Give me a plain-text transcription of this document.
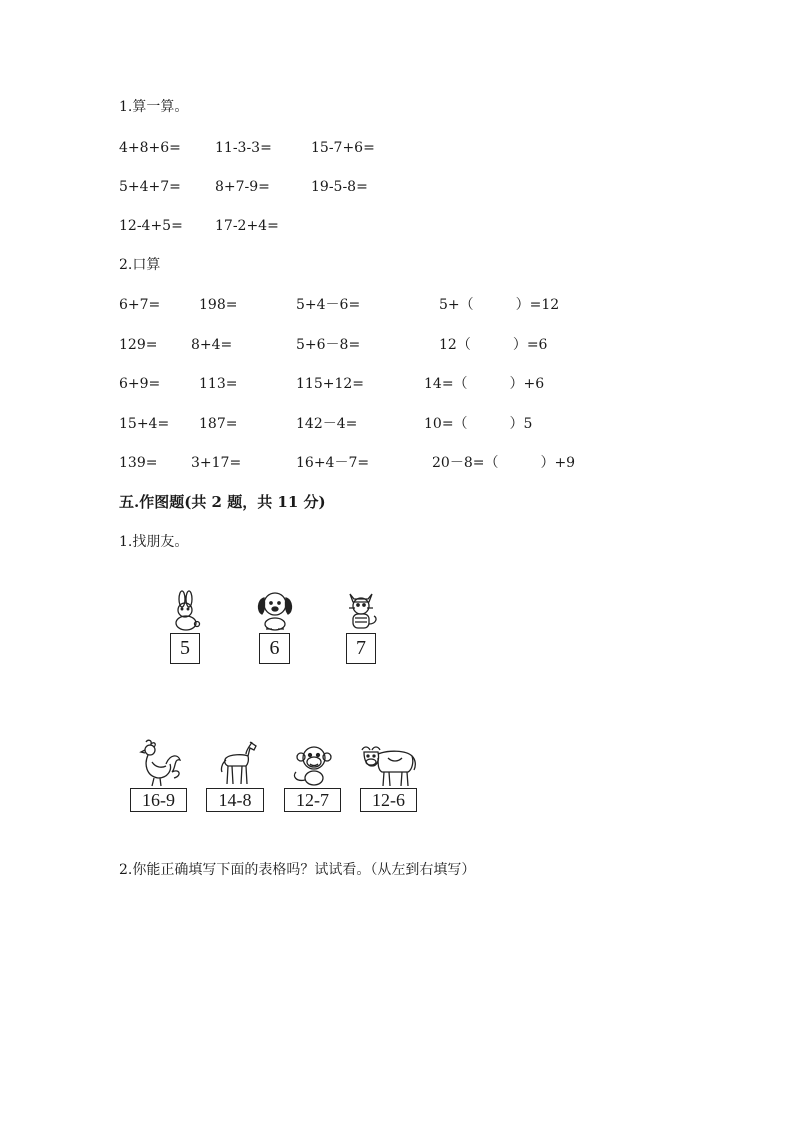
1.算一算。
4+8+6= 11-3-3=	15-7+6=
5+4+7= 8+7-9=	19-5-8=
12-4+5= 17-2+4=
2.口算
6+7=	198=	5+4－6=	5+（　　　）=12
129= 8+4=	5+6－8=	12（　　　）=6
6+9=	113=	115+12=	14=（　　　）+6
15+4= 187=	142－4=	10=（　　　）5
139= 3+17=	16+4－7=	20－8=（　　　）+9
五.作图题(共 2 题，共 11 分)
1.找朋友。
5	6	7
16-9	14-8	12-7	12-6
2.你能正确填写下面的表格吗？试试看。（从左到右填写）
